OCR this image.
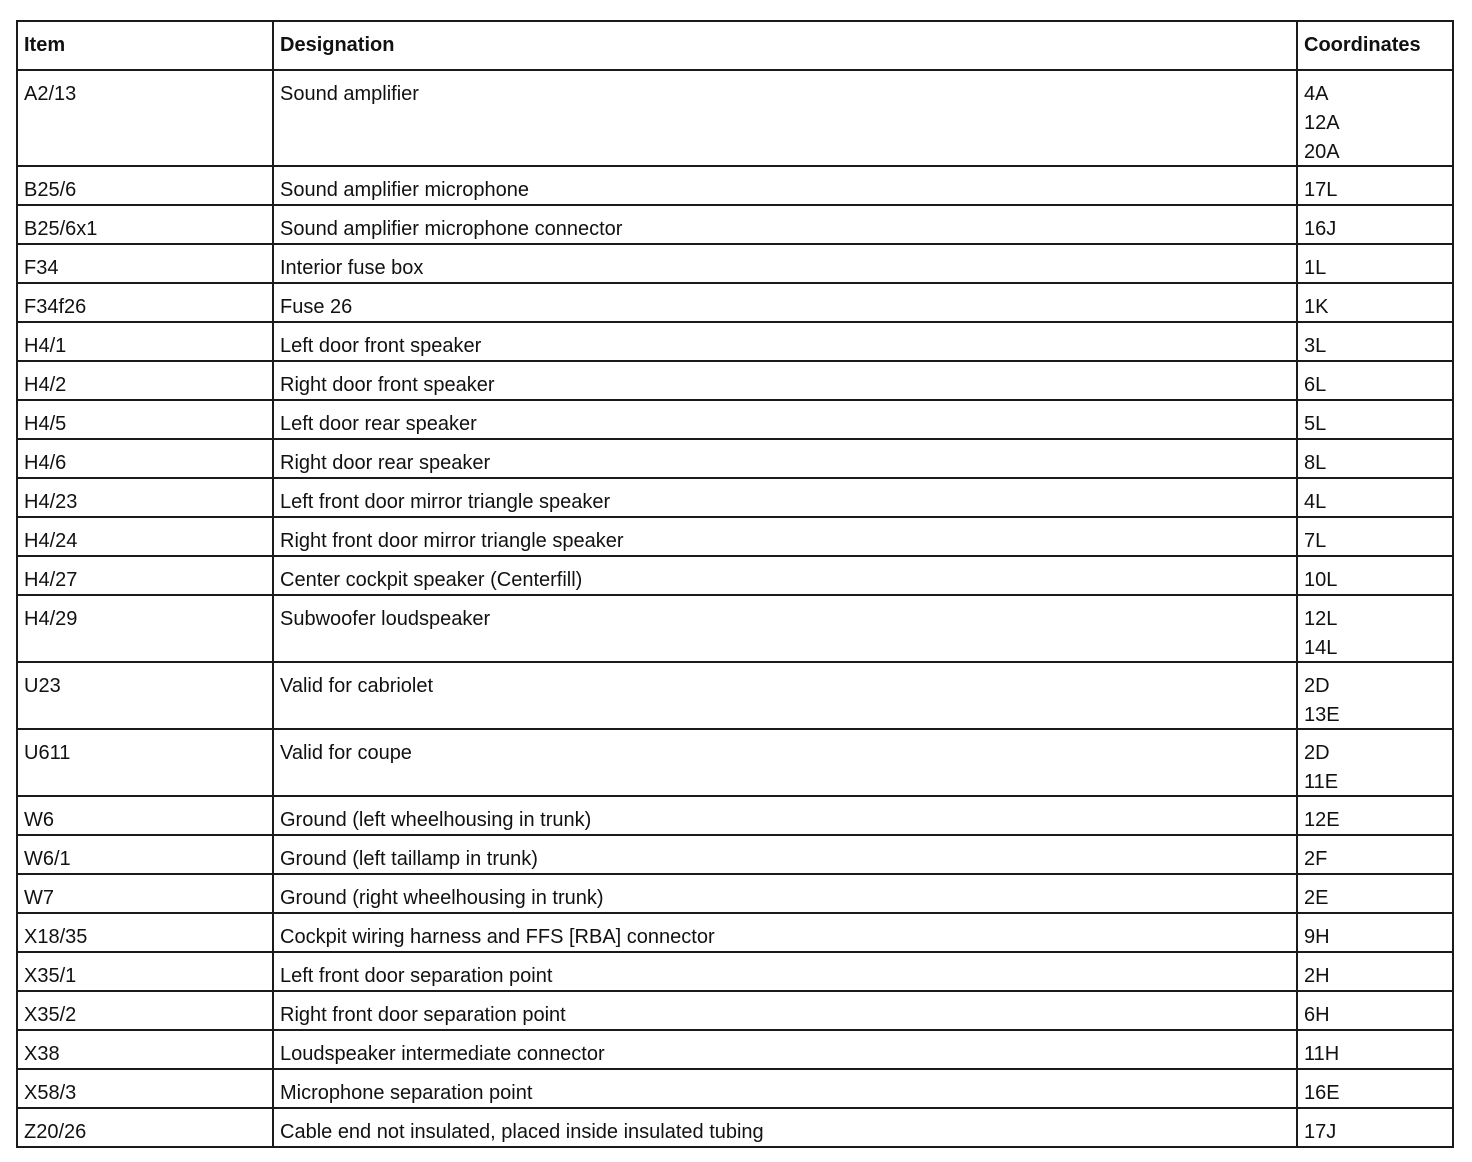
Item	Designation	Coordinates
A2/13	Sound amplifier	4A
12A
20A

B25/6	Sound amplifier microphone	17L

B25/6x1	Sound amplifier microphone connector	16J

F34	Interior fuse box	1L

F34f26	Fuse 26	1K

H4/1	Left door front speaker	3L

H4/2	Right door front speaker	6L

H4/5	Left door rear speaker	5L

H4/6	Right door rear speaker	8L

H4/23	Left front door mirror triangle speaker	4L

H4/24	Right front door mirror triangle speaker	7L

H4/27	Center cockpit speaker (Centerfill)	10L

H4/29	Subwoofer loudspeaker	12L
14L

U23	Valid for cabriolet	2D
13E

U611	Valid for coupe	2D
11E

W6	Ground (left wheelhousing in trunk)	12E

W6/1	Ground (left taillamp in trunk)	2F

W7	Ground (right wheelhousing in trunk)	2E

X18/35	Cockpit wiring harness and FFS [RBA] connector	9H

X35/1	Left front door separation point	2H

X35/2	Right front door separation point	6H

X38	Loudspeaker intermediate connector	11H

X58/3	Microphone separation point	16E

Z20/26	Cable end not insulated, placed inside insulated tubing	17J
